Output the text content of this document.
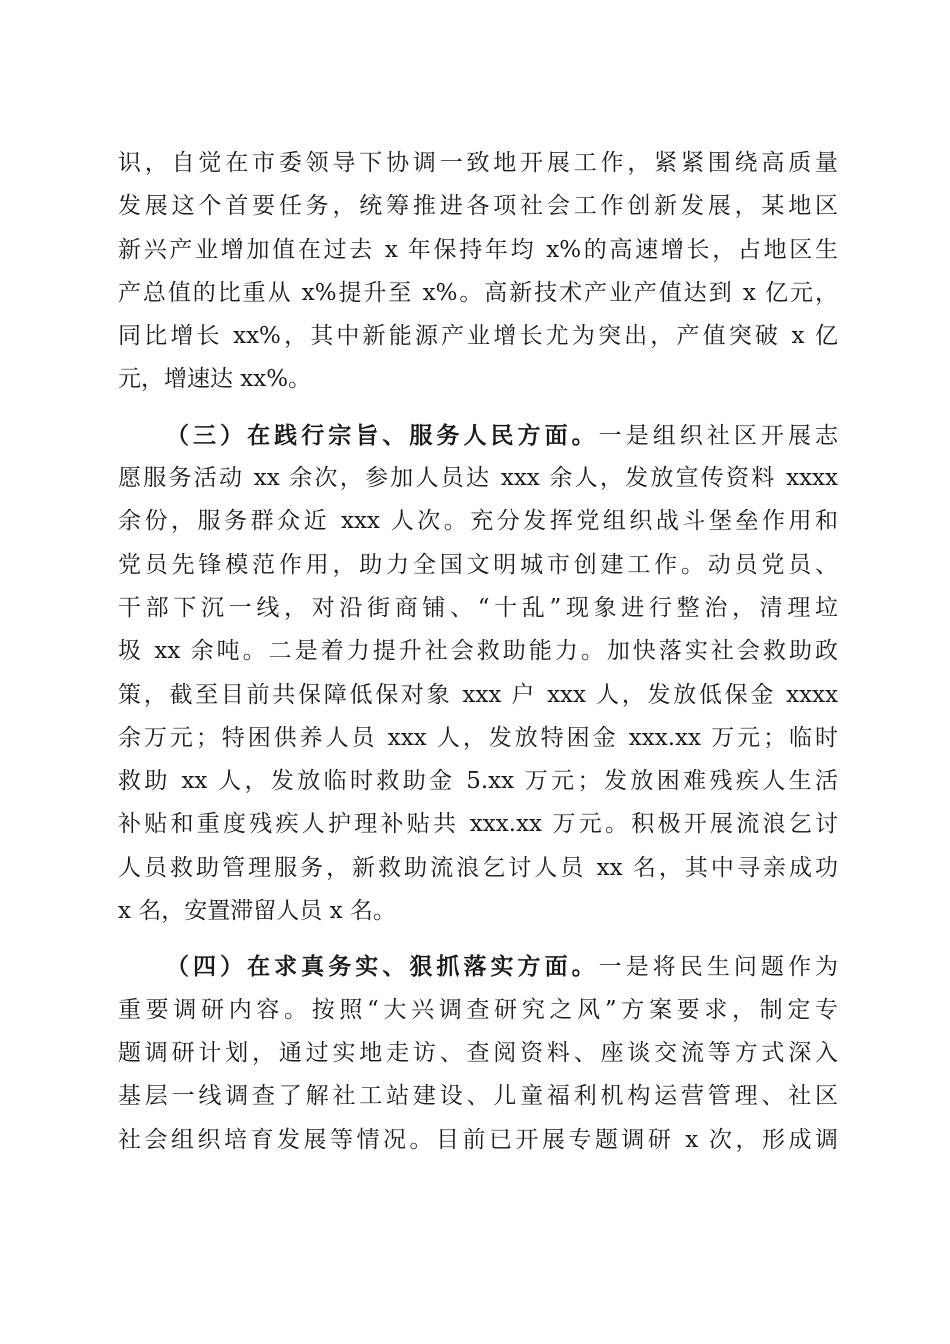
识，自觉在市委领导下协调一致地开展工作，紧紧围绕高质量
发展这个首要任务，统筹推进各项社会工作创新发展，某地区
新兴产业增加值在过去 x 年保持年均 x%的高速增长，占地区生
产总值的比重从 x%提升至 x%。高新技术产业产值达到 x 亿元，
同比增长 xx%，其中新能源产业增长尤为突出，产值突破 x 亿
元，增速达 xx%。
（三）在践行宗旨、服务人民方面。一是组织社区开展志
愿服务活动 xx 余次，参加人员达 xxx 余人，发放宣传资料 xxxx
余份，服务群众近 xxx 人次。充分发挥党组织战斗堡垒作用和
党员先锋模范作用，助力全国文明城市创建工作。动员党员、
干部下沉一线，对沿街商铺、“十乱”现象进行整治，清理垃
圾 xx 余吨。二是着力提升社会救助能力。加快落实社会救助政
策，截至目前共保障低保对象 xxx 户 xxx 人，发放低保金 xxxx
余万元；特困供养人员 xxx 人，发放特困金 xxx.xx 万元；临时
救助 xx 人，发放临时救助金 5.xx 万元；发放困难残疾人生活
补贴和重度残疾人护理补贴共 xxx.xx 万元。积极开展流浪乞讨
人员救助管理服务，新救助流浪乞讨人员 xx 名，其中寻亲成功
x 名，安置滞留人员 x 名。
（四）在求真务实、狠抓落实方面。一是将民生问题作为
重要调研内容。按照“大兴调查研究之风”方案要求，制定专
题调研计划，通过实地走访、查阅资料、座谈交流等方式深入
基层一线调查了解社工站建设、儿童福利机构运营管理、社区
社会组织培育发展等情况。目前已开展专题调研 x 次，形成调
